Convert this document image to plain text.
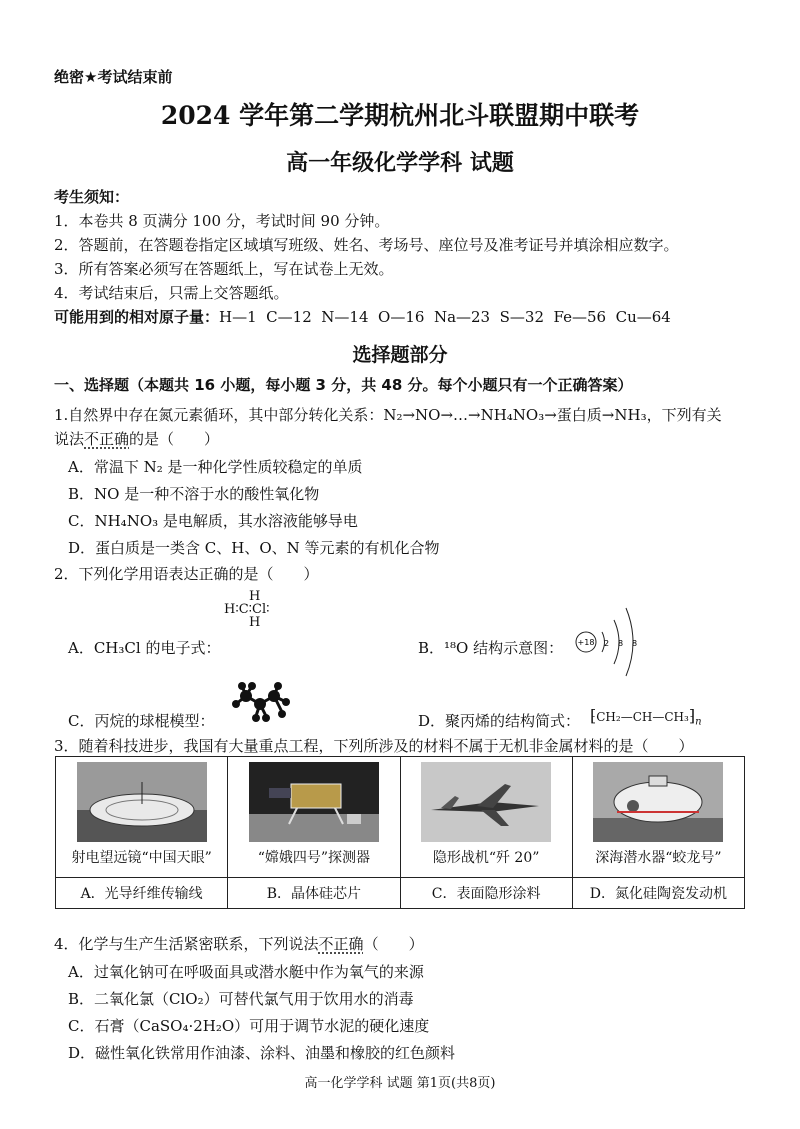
绝密★考试结束前
2024 学年第二学期杭州北斗联盟期中联考
高一年级化学学科 试题
考生须知：
1．本卷共 8 页满分 100 分，考试时间 90 分钟。
2．答题前，在答题卷指定区域填写班级、姓名、考场号、座位号及准考证号并填涂相应数字。
3．所有答案必须写在答题纸上，写在试卷上无效。
4．考试结束后，只需上交答题纸。
可能用到的相对原子量：H—1  C—12  N—14  O—16  Na—23  S—32  Fe—56  Cu—64
选择题部分
一、选择题（本题共 16 小题，每小题 3 分，共 48 分。每个小题只有一个正确答案）
1.自然界中存在氮元素循环，其中部分转化关系：N₂→NO→…→NH₄NO₃→蛋白质→NH₃，下列有关
说法不正确的是（　　）
A．常温下 N₂ 是一种化学性质较稳定的单质
B．NO 是一种不溶于水的酸性氧化物
C．NH₄NO₃ 是电解质，其水溶液能够导电
D．蛋白质是一类含 C、H、O、N 等元素的有机化合物
2．下列化学用语表达正确的是（　　）
H
H∶C∶Cl∶
H
A．CH₃Cl 的电子式：	B．¹⁸O 结构示意图： +18 2 8 8
C．丙烷的球棍模型：	D．聚丙烯的结构简式： $⁅CH_2—CH—CH_3⁆_n$
3．随着科技进步，我国有大量重点工程，下列所涉及的材料不属于无机非金属材料的是（　　）
射电望远镜“中国天眼”	“嫦娥四号”探测器	隐形战机“歼 20”	深海潜水器“蛟龙号”

A．光导纤维传输线	B．晶体硅芯片	C．表面隐形涂料	D．氮化硅陶瓷发动机
4．化学与生产生活紧密联系，下列说法不正确（　　）
A．过氧化钠可在呼吸面具或潜水艇中作为氧气的来源
B．二氧化氯（ClO₂）可替代氯气用于饮用水的消毒
C．石膏（CaSO₄·2H₂O）可用于调节水泥的硬化速度
D．磁性氧化铁常用作油漆、涂料、油墨和橡胶的红色颜料
高一化学学科 试题 第1页(共8页)
